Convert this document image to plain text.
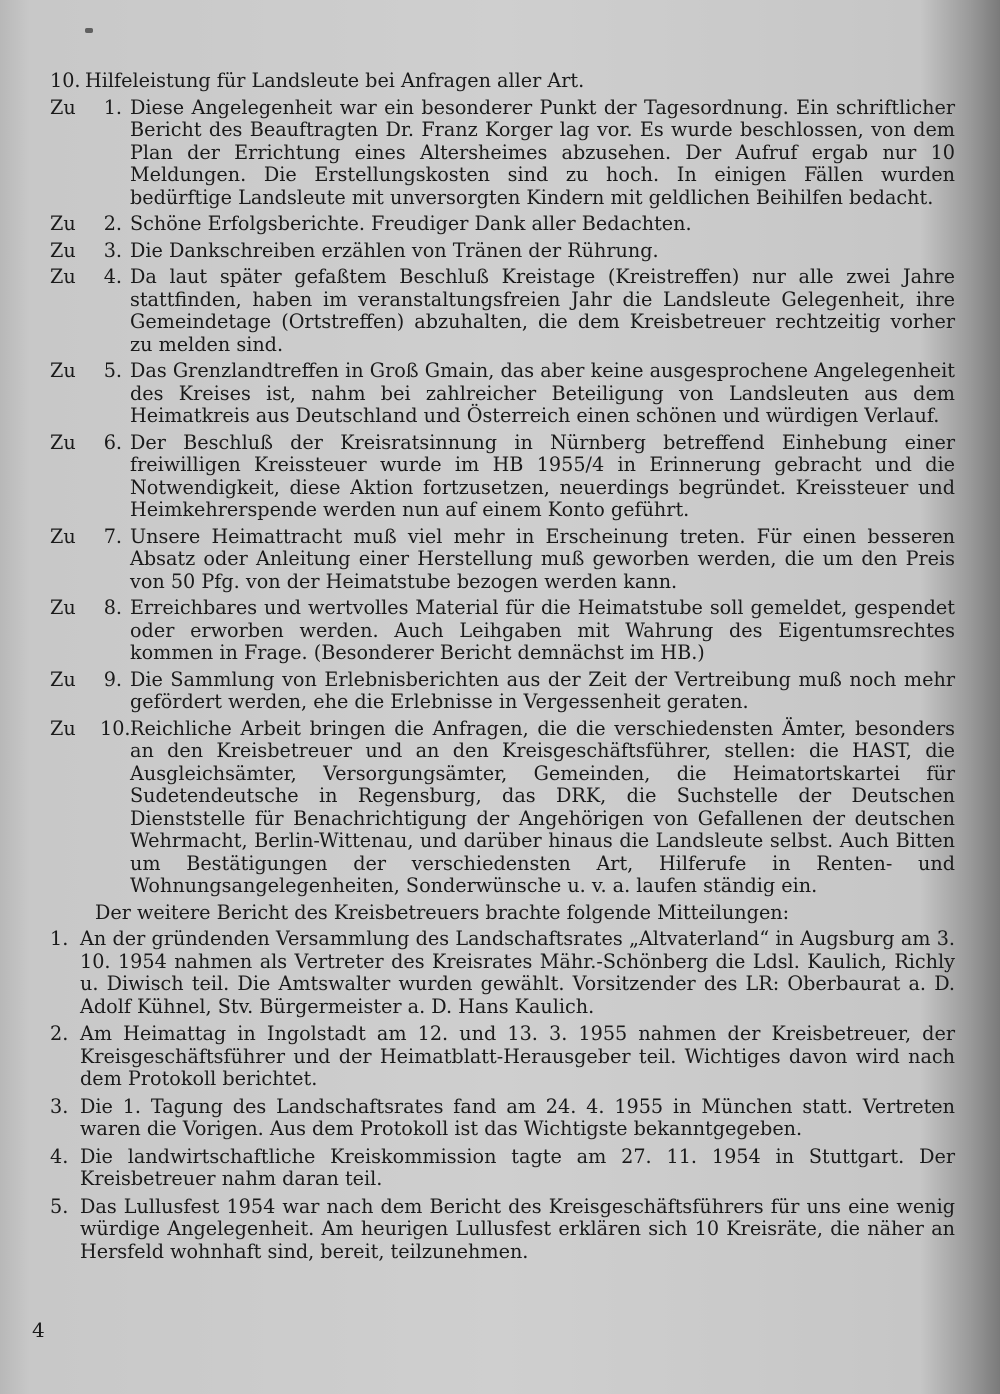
10. Hilfeleistung für Landsleute bei Anfragen aller Art.
Zu	1. Diese Angelegenheit war ein besonderer Punkt der Tagesordnung. Ein schriftlicher Bericht des Beauftragten Dr. Franz Korger lag vor. Es wurde beschlossen, von dem Plan der Errichtung eines Altersheimes abzusehen. Der Aufruf ergab nur 10 Meldungen. Die Erstellungskosten sind zu hoch. In einigen Fällen wurden bedürftige Landsleute mit unversorgten Kindern mit geldlichen Beihilfen bedacht.
Zu	2. Schöne Erfolgsberichte. Freudiger Dank aller Bedachten.
Zu	3. Die Dankschreiben erzählen von Tränen der Rührung.
Zu	4. Da laut später gefaßtem Beschluß Kreistage (Kreistreffen) nur alle zwei Jahre stattfinden, haben im veranstaltungsfreien Jahr die Landsleute Gelegenheit, ihre Gemeindetage (Ortstreffen) abzuhalten, die dem Kreisbetreuer rechtzeitig vorher zu melden sind.
Zu	5. Das Grenzlandtreffen in Groß Gmain, das aber keine ausgesprochene Angelegenheit des Kreises ist, nahm bei zahlreicher Beteiligung von Landsleuten aus dem Heimatkreis aus Deutschland und Österreich einen schönen und würdigen Verlauf.
Zu	6. Der Beschluß der Kreisratsinnung in Nürnberg betreffend Einhebung einer freiwilligen Kreissteuer wurde im HB 1955/4 in Erinnerung gebracht und die Notwendigkeit, diese Aktion fortzusetzen, neuerdings begründet. Kreissteuer und Heimkehrerspende werden nun auf einem Konto geführt.
Zu	7. Unsere Heimattracht muß viel mehr in Erscheinung treten. Für einen besseren Absatz oder Anleitung einer Herstellung muß geworben werden, die um den Preis von 50 Pfg. von der Heimatstube bezogen werden kann.
Zu	8. Erreichbares und wertvolles Material für die Heimatstube soll gemeldet, gespendet oder erworben werden. Auch Leihgaben mit Wahrung des Eigentumsrechtes kommen in Frage. (Besonderer Bericht demnächst im HB.)
Zu	9. Die Sammlung von Erlebnisberichten aus der Zeit der Vertreibung muß noch mehr gefördert werden, ehe die Erlebnisse in Vergessenheit geraten.
Zu	10. Reichliche Arbeit bringen die Anfragen, die die verschiedensten Ämter, besonders an den Kreisbetreuer und an den Kreisgeschäftsführer, stellen: die HAST, die Ausgleichsämter, Versorgungsämter, Gemeinden, die Heimatortskartei für Sudetendeutsche in Regensburg, das DRK, die Suchstelle der Deutschen Dienststelle für Benachrichtigung der Angehörigen von Gefallenen der deutschen Wehrmacht, Berlin-Wittenau, und darüber hinaus die Landsleute selbst. Auch Bitten um Bestätigungen der verschiedensten Art, Hilferufe in Renten- und Wohnungsangelegenheiten, Sonderwünsche u. v. a. laufen ständig ein.
Der weitere Bericht des Kreisbetreuers brachte folgende Mitteilungen:
1. An der gründenden Versammlung des Landschaftsrates „Altvaterland“ in Augsburg am 3. 10. 1954 nahmen als Vertreter des Kreisrates Mähr.-Schönberg die Ldsl. Kaulich, Richly u. Diwisch teil. Die Amtswalter wurden gewählt. Vorsitzender des LR: Oberbaurat a. D. Adolf Kühnel, Stv. Bürgermeister a. D. Hans Kaulich.
2. Am Heimattag in Ingolstadt am 12. und 13. 3. 1955 nahmen der Kreisbetreuer, der Kreisgeschäftsführer und der Heimatblatt-Herausgeber teil. Wichtiges davon wird nach dem Protokoll berichtet.
3. Die 1. Tagung des Landschaftsrates fand am 24. 4. 1955 in München statt. Vertreten waren die Vorigen. Aus dem Protokoll ist das Wichtigste bekanntgegeben.
4. Die landwirtschaftliche Kreiskommission tagte am 27. 11. 1954 in Stuttgart. Der Kreisbetreuer nahm daran teil.
5. Das Lullusfest 1954 war nach dem Bericht des Kreisgeschäftsführers für uns eine wenig würdige Angelegenheit. Am heurigen Lullusfest erklären sich 10 Kreisräte, die näher an Hersfeld wohnhaft sind, bereit, teilzunehmen.
4
